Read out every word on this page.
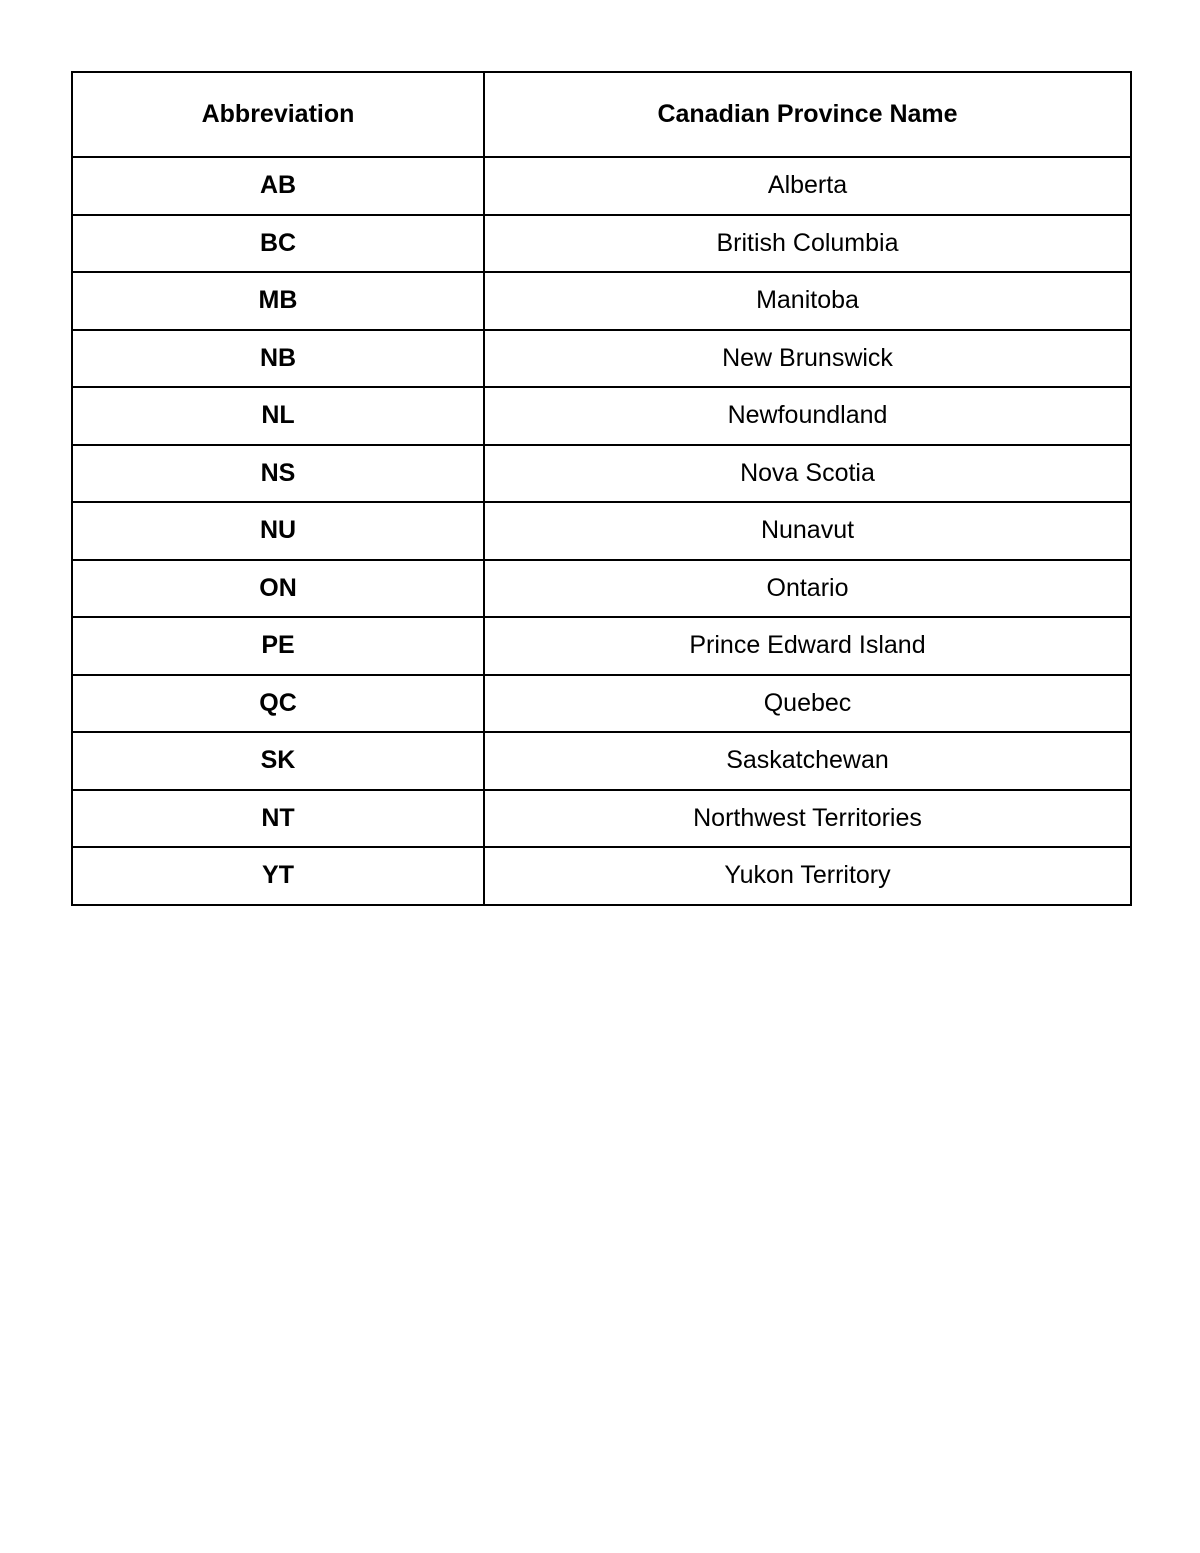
Abbreviation	Canadian Province Name
AB	Alberta
BC	British Columbia
MB	Manitoba
NB	New Brunswick
NL	Newfoundland
NS	Nova Scotia
NU	Nunavut
ON	Ontario
PE	Prince Edward Island
QC	Quebec
SK	Saskatchewan
NT	Northwest Territories
YT	Yukon Territory
